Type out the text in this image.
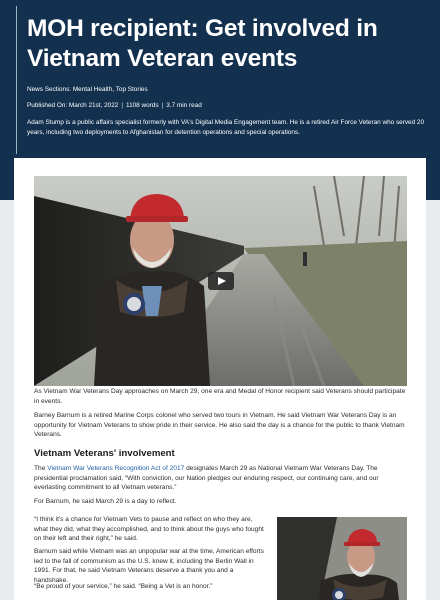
MOH recipient: Get involved in Vietnam Veteran events
News Sections: Mental Health, Top Stories
Published On: March 21st, 2022 | 1108 words | 3.7 min read

Adam Stump is a public affairs specialist formerly with VA's Digital Media Engagement team. He is a retired Air Force Veteran who served 20 years, including two deployments to Afghanistan for detention operations and special operations.

As Vietnam War Veterans Day approaches on March 29, one era and Medal of Honor recipient said Veterans should participate in events.

Barney Barnum is a retired Marine Corps colonel who served two tours in Vietnam. He said Vietnam War Veterans Day is an opportunity for Vietnam Veterans to show pride in their service. He also said the day is a chance for the public to thank Vietnam Veterans.

Vietnam Veterans' involvement

The Vietnam War Veterans Recognition Act of 2017 designates March 29 as National Vietnam War Veterans Day. The presidential proclamation said, “With conviction, our Nation pledges our enduring respect, our continuing care, and our everlasting commitment to all Vietnam veterans.”

For Barnum, he said March 29 is a day to reflect.

“I think it's a chance for Vietnam Vets to pause and reflect on who they are, what they did, what they accomplished, and to think about the guys who fought on their left and their right,” he said.

Barnum said while Vietnam was an unpopular war at the time, American efforts led to the fall of communism as the U.S. knew it, including the Berlin Wall in 1991. For that, he said Vietnam Veterans deserve a thank you and a handshake.

“Be proud of your service,” he said. “Being a Vet is an honor.”
